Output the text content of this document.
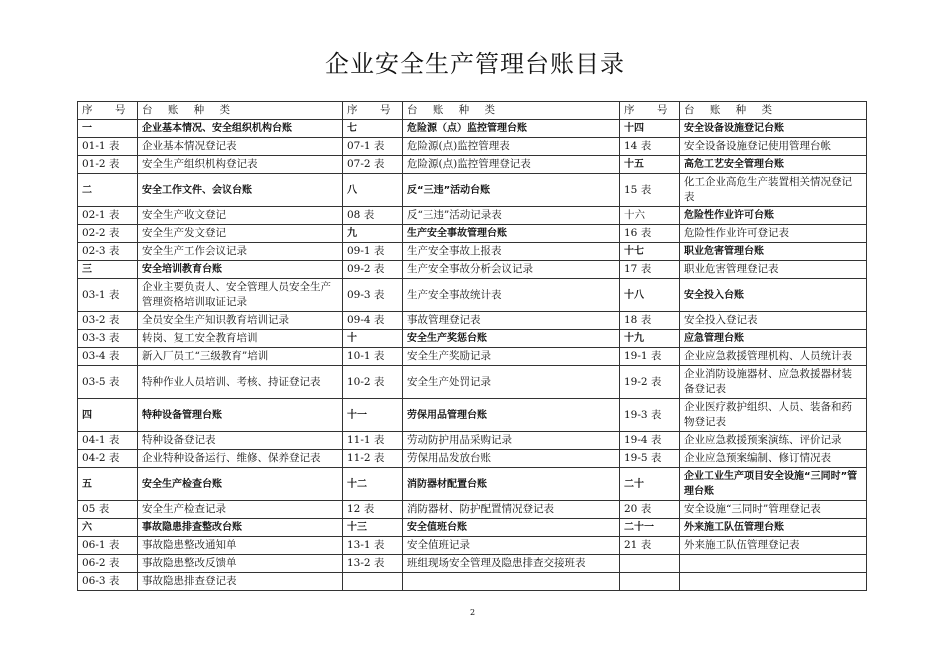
企业安全生产管理台账目录
序　号	台 账 种 类	序　号	台 账 种 类	序　号	台 账 种 类
一	企业基本情况、安全组织机构台账	七	危险源（点）监控管理台账	十四	安全设备设施登记台账
01-1 表	企业基本情况登记表	07-1 表	危险源(点)监控管理表	14 表	安全设备设施登记使用管理台帐
01-2 表	安全生产组织机构登记表	07-2 表	危险源(点)监控管理登记表	十五	高危工艺安全管理台账
二	安全工作文件、会议台账	八	反“三违”活动台账	15 表	化工企业高危生产装置相关情况登记表
02-1 表	安全生产收文登记	08 表	反“三违”活动记录表	十六	危险性作业许可台账
02-2 表	安全生产发文登记	九	生产安全事故管理台账	16 表	危险性作业许可登记表
02-3 表	安全生产工作会议记录	09-1 表	生产安全事故上报表	十七	职业危害管理台账
三	安全培训教育台账	09-2 表	生产安全事故分析会议记录	17 表	职业危害管理登记表
03-1 表	企业主要负责人、安全管理人员安全生产管理资格培训取证记录	09-3 表	生产安全事故统计表	十八	安全投入台账
03-2 表	全员安全生产知识教育培训记录	09-4 表	事故管理登记表	18 表	安全投入登记表
03-3 表	转岗、复工安全教育培训	十	安全生产奖惩台账	十九	应急管理台账
03-4 表	新入厂员工“三级教育”培训	10-1 表	安全生产奖励记录	19-1 表	企业应急救援管理机构、人员统计表
03-5 表	特种作业人员培训、考核、持证登记表	10-2 表	安全生产处罚记录	19-2 表	企业消防设施器材、应急救援器材装备登记表
四	特种设备管理台账	十一	劳保用品管理台账	19-3 表	企业医疗救护组织、人员、装备和药物登记表
04-1 表	特种设备登记表	11-1 表	劳动防护用品采购记录	19-4 表	企业应急救援预案演练、评价记录
04-2 表	企业特种设备运行、维修、保养登记表	11-2 表	劳保用品发放台账	19-5 表	企业应急预案编制、修订情况表
五	安全生产检查台账	十二	消防器材配置台账	二十	企业工业生产项目安全设施“三同时”管理台账
05 表	安全生产检查记录	12 表	消防器材、防护配置情况登记表	20 表	安全设施“三同时”管理登记表
六	事故隐患排查整改台账	十三	安全值班台账	二十一	外来施工队伍管理台账
06-1 表	事故隐患整改通知单	13-1 表	安全值班记录	21 表	外来施工队伍管理登记表
06-2 表	事故隐患整改反馈单	13-2 表	班组现场安全管理及隐患排查交接班表		
06-3 表	事故隐患排查登记表				
2
